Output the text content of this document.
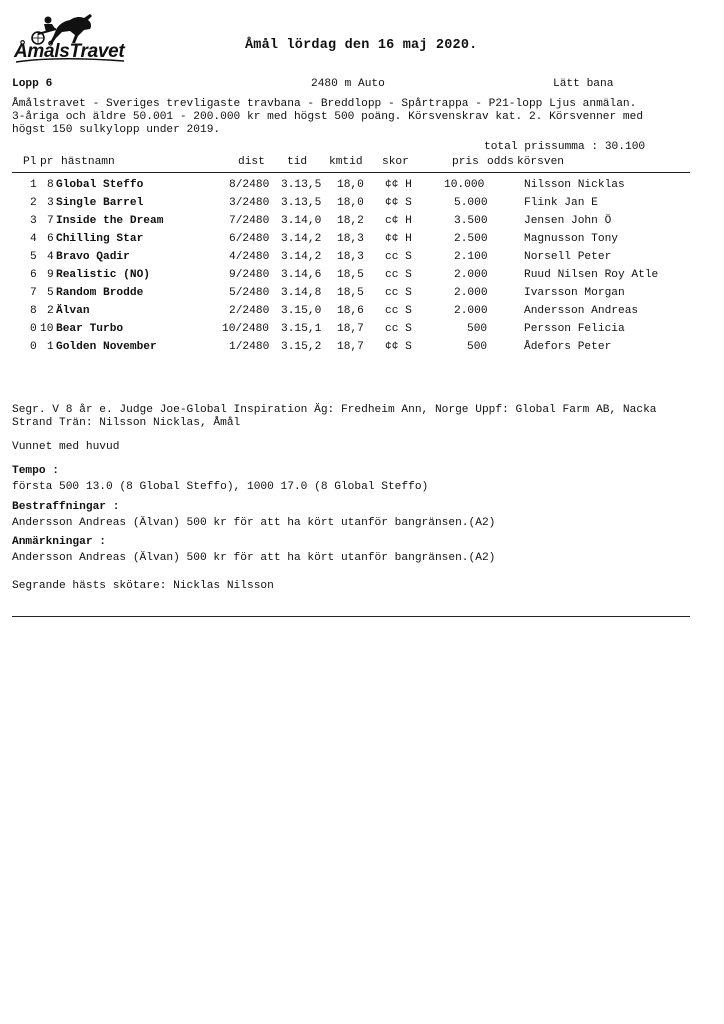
ÅmålsTravet	Åmål lördag den 16 maj 2020.
Lopp 6	2480 m Auto	Lätt bana
Åmålstravet - Sveriges trevligaste travbana - Breddlopp - Spårtrappa - P21-lopp Ljus anmälan. 3-åriga och äldre 50.001 - 200.000 kr med högst 500 poäng. Körsvenskrav kat. 2. Körsvenner med högst 150 sulkylopp under 2019.
total prissumma : 30.100
Pl pr hästnamn	dist tid kmtid skor	pris odds körsven
1 8 Global Steffo	8/2480 3.13,5 18,0 ¢¢ H	10.000	Nilsson Nicklas
2 3 Single Barrel	3/2480 3.13,5 18,0 ¢¢ S	5.000	Flink Jan E
3 7 Inside the Dream	7/2480 3.14,0 18,2 c¢ H	3.500	Jensen John Ö
4 6 Chilling Star	6/2480 3.14,2 18,3 ¢¢ H	2.500	Magnusson Tony
5 4 Bravo Qadir	4/2480 3.14,2 18,3 cc S	2.100	Norsell Peter
6 9 Realistic (NO)	9/2480 3.14,6 18,5 cc S	2.000	Ruud Nilsen Roy Atle
7 5 Random Brodde	5/2480 3.14,8 18,5 cc S	2.000	Ivarsson Morgan
8 2 Älvan	2/2480 3.15,0 18,6 cc S	2.000	Andersson Andreas
0 10 Bear Turbo	10/2480 3.15,1 18,7 cc S	500	Persson Felicia
0 1 Golden November	1/2480 3.15,2 18,7 ¢¢ S	500	Ådefors Peter
Segr. V 8 år e. Judge Joe-Global Inspiration Äg: Fredheim Ann, Norge Uppf: Global Farm AB, Nacka Strand Trän: Nilsson Nicklas, Åmål
Vunnet med huvud
Tempo :
första 500 13.0 (8 Global Steffo), 1000 17.0 (8 Global Steffo)
Bestraffningar :
Andersson Andreas (Älvan) 500 kr för att ha kört utanför bangränsen.(A2)
Anmärkningar :
Andersson Andreas (Älvan) 500 kr för att ha kört utanför bangränsen.(A2)
Segrande hästs skötare: Nicklas Nilsson
